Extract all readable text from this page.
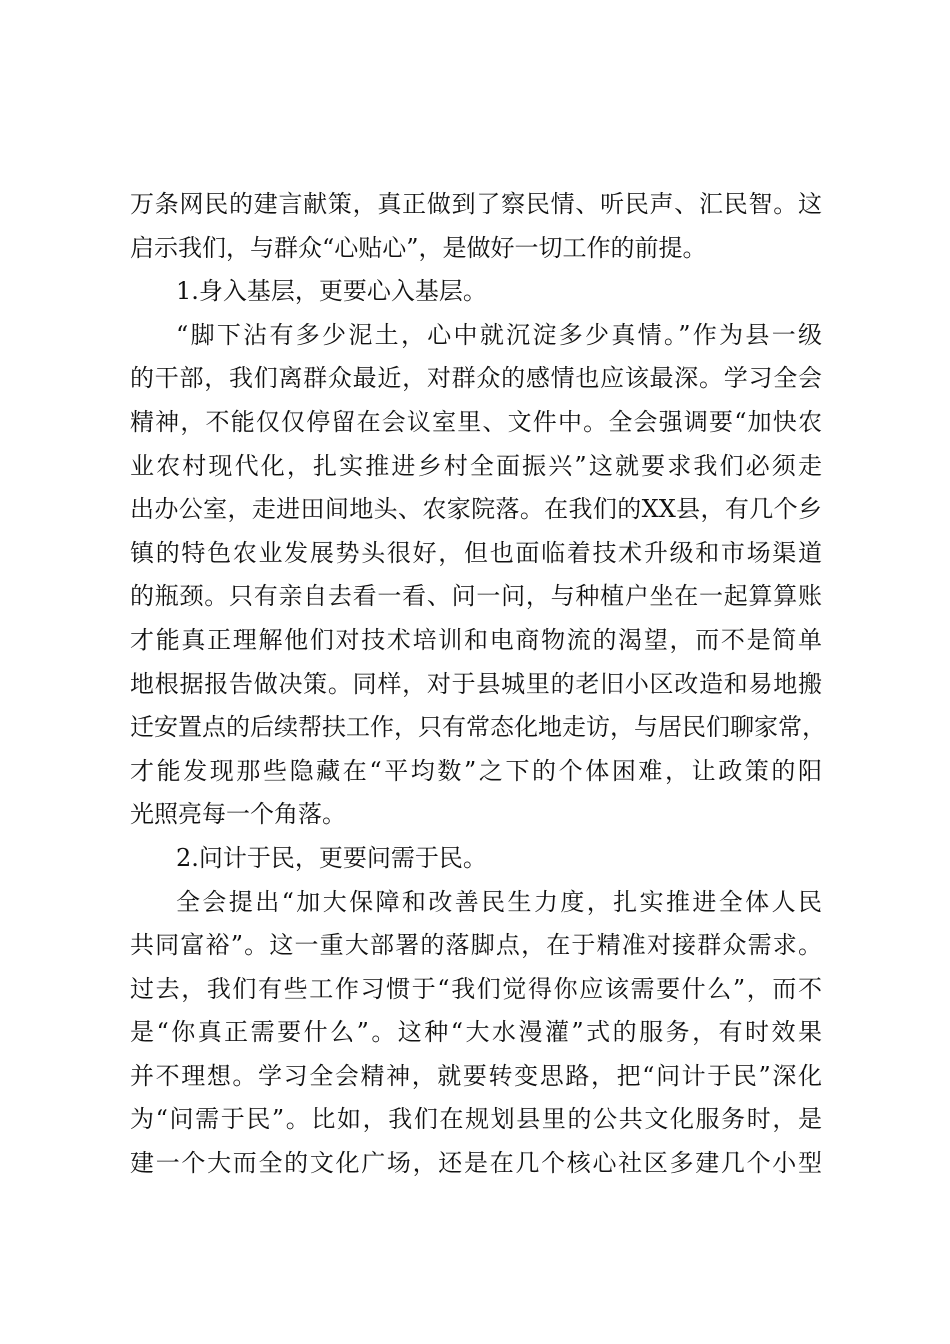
万条网民的建言献策，真正做到了察民情、听民声、汇民智。这
启示我们，与群众“心贴心”，是做好一切工作的前提。
1.身入基层，更要心入基层。
“脚下沾有多少泥土，心中就沉淀多少真情。”作为县一级
的干部，我们离群众最近，对群众的感情也应该最深。学习全会
精神，不能仅仅停留在会议室里、文件中。全会强调要“加快农
业农村现代化，扎实推进乡村全面振兴”这就要求我们必须走
出办公室，走进田间地头、农家院落。在我们的XX县，有几个乡
镇的特色农业发展势头很好，但也面临着技术升级和市场渠道
的瓶颈。只有亲自去看一看、问一问，与种植户坐在一起算算账
才能真正理解他们对技术培训和电商物流的渴望，而不是简单
地根据报告做决策。同样，对于县城里的老旧小区改造和易地搬
迁安置点的后续帮扶工作，只有常态化地走访，与居民们聊家常，
才能发现那些隐藏在“平均数”之下的个体困难，让政策的阳
光照亮每一个角落。
2.问计于民，更要问需于民。
全会提出“加大保障和改善民生力度，扎实推进全体人民
共同富裕”。这一重大部署的落脚点，在于精准对接群众需求。
过去，我们有些工作习惯于“我们觉得你应该需要什么”，而不
是“你真正需要什么”。这种“大水漫灌”式的服务，有时效果
并不理想。学习全会精神，就要转变思路，把“问计于民”深化
为“问需于民”。比如，我们在规划县里的公共文化服务时，是
建一个大而全的文化广场，还是在几个核心社区多建几个小型
